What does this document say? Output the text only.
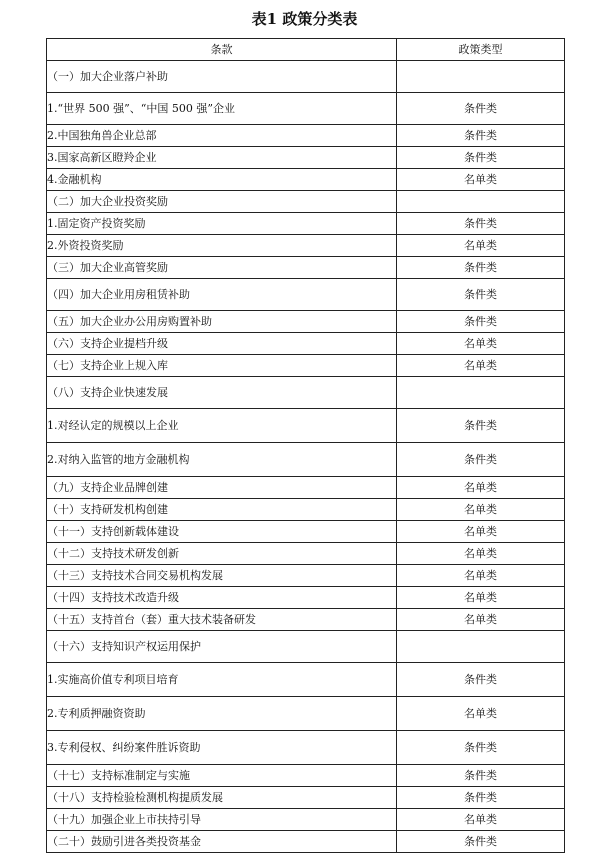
表1 政策分类表
条款	政策类型
（一）加大企业落户补助	
1.“世界 500 强”、“中国 500 强”企业	条件类
2.中国独角兽企业总部	条件类
3.国家高新区瞪羚企业	条件类
4.金融机构	名单类
（二）加大企业投资奖励	
1.固定资产投资奖励	条件类
2.外资投资奖励	名单类
（三）加大企业高管奖励	条件类
（四）加大企业用房租赁补助	条件类
（五）加大企业办公用房购置补助	条件类
（六）支持企业提档升级	名单类
（七）支持企业上规入库	名单类
（八）支持企业快速发展	
1.对经认定的规模以上企业	条件类
2.对纳入监管的地方金融机构	条件类
（九）支持企业品牌创建	名单类
（十）支持研发机构创建	名单类
（十一）支持创新载体建设	名单类
（十二）支持技术研发创新	名单类
（十三）支持技术合同交易机构发展	名单类
（十四）支持技术改造升级	名单类
（十五）支持首台（套）重大技术装备研发	名单类
（十六）支持知识产权运用保护	
1.实施高价值专利项目培育	条件类
2.专利质押融资资助	名单类
3.专利侵权、纠纷案件胜诉资助	条件类
（十七）支持标准制定与实施	条件类
（十八）支持检验检测机构提质发展	条件类
（十九）加强企业上市扶持引导	名单类
（二十）鼓励引进各类投资基金	条件类
